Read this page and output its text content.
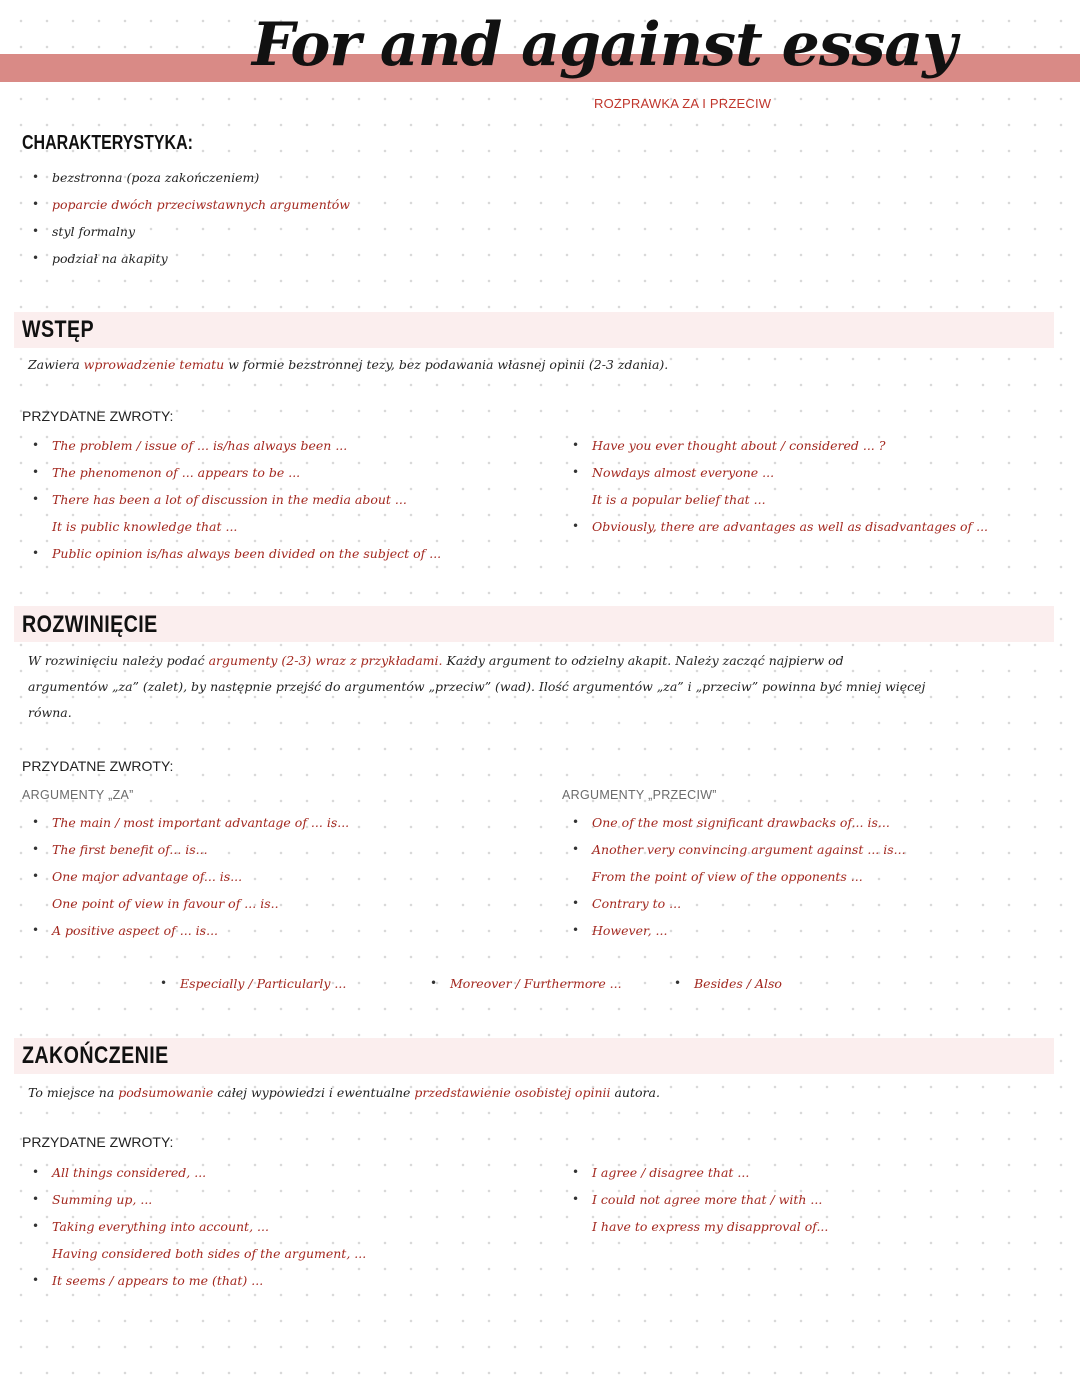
For and against essay
ROZPRAWKA ZA I PRZECIW
CHARAKTERYSTYKA:
• bezstronna (poza zakończeniem)
• poparcie dwóch przeciwstawnych argumentów
• styl formalny
• podział na akapity
WSTĘP
Zawiera wprowadzenie tematu w formie bezstronnej tezy, bez podawania własnej opinii (2-3 zdania).
PRZYDATNE ZWROTY:
• The problem / issue of ... is/has always been ...
• The phenomenon of ... appears to be ...
• There has been a lot of discussion in the media about ...
It is public knowledge that ...
• Public opinion is/has always been divided on the subject of ...
• Have you ever thought about / considered ... ?
• Nowdays almost everyone ...
It is a popular belief that ...
• Obviously, there are advantages as well as disadvantages of ...
ROZWINIĘCIE
W rozwinięciu należy podać argumenty (2-3) wraz z przykładami. Każdy argument to odzielny akapit. Należy zacząć najpierw od
argumentów „za” (zalet), by następnie przejść do argumentów „przeciw” (wad). Ilość argumentów „za” i „przeciw” powinna być mniej więcej
równa.
PRZYDATNE ZWROTY:
ARGUMENTY „ZA”	ARGUMENTY „PRZECIW”
• The main / most important advantage of ... is...
• The first benefit of... is...
• One major advantage of... is...
One point of view in favour of ... is..
• A positive aspect of ... is...
• One of the most significant drawbacks of... is...
• Another very convincing argument against ... is...
From the point of view of the opponents ...
• Contrary to ...
• However, ...
• Especially / Particularly ...	• Moreover / Furthermore ...	• Besides / Also
ZAKOŃCZENIE
To miejsce na podsumowanie całej wypowiedzi i ewentualne przedstawienie osobistej opinii autora.
PRZYDATNE ZWROTY:
• All things considered, ...
• Summing up, ...
• Taking everything into account, ...
Having considered both sides of the argument, ...
• It seems / appears to me (that) ...
• I agree / disagree that ...
• I could not agree more that / with ...
I have to express my disapproval of...
